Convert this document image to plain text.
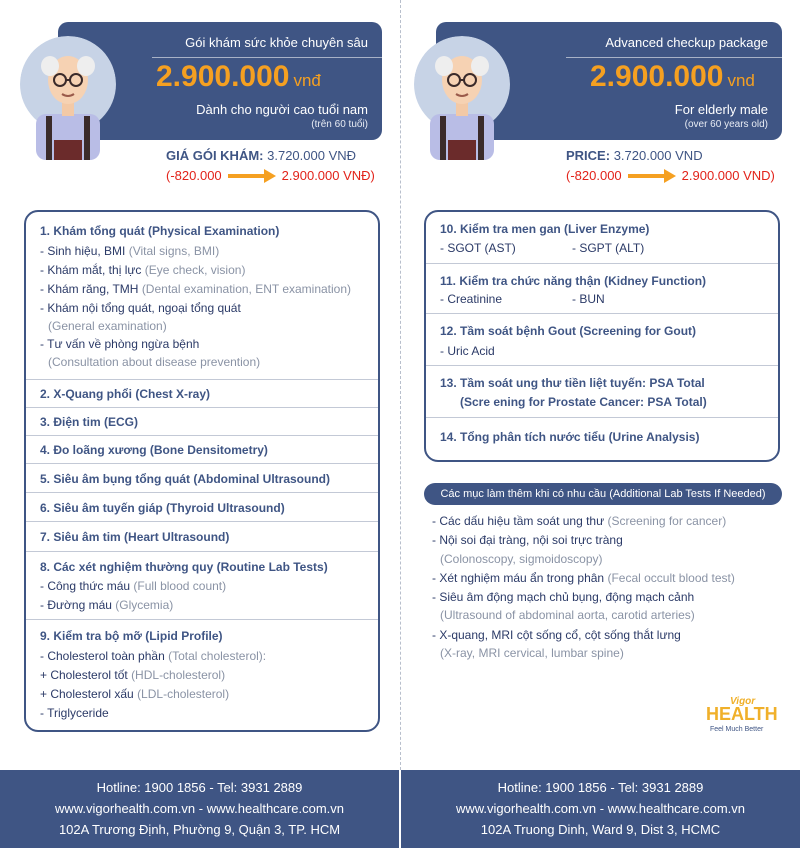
Gói khám sức khỏe chuyên sâu
2.900.000 vnđ
Dành cho người cao tuổi nam
(trên 60 tuổi)
GIÁ GÓI KHÁM: 3.720.000 VNĐ
(-820.000	2.900.000 VNĐ)
1. Khám tổng quát (Physical Examination)
- Sinh hiệu, BMI (Vital signs, BMI)
- Khám mắt, thị lực (Eye check, vision)
- Khám răng, TMH (Dental examination, ENT examination)
- Khám nội tổng quát, ngoại tổng quát
(General examination)
- Tư vấn về phòng ngừa bệnh
(Consultation about disease prevention)
2. X-Quang phổi (Chest X-ray)
3. Điện tim (ECG)
4. Đo loãng xương (Bone Densitometry)
5. Siêu âm bụng tổng quát (Abdominal Ultrasound)
6. Siêu âm tuyến giáp (Thyroid Ultrasound)
7. Siêu âm tim (Heart Ultrasound)
8. Các xét nghiệm thường quy (Routine Lab Tests)
- Công thức máu (Full blood count)
- Đường máu (Glycemia)
9. Kiểm tra bộ mỡ (Lipid Profile)
- Cholesterol toàn phần (Total cholesterol):
+ Cholesterol tốt (HDL-cholesterol)
+ Cholesterol xấu (LDL-cholesterol)
- Triglyceride
Advanced checkup package
2.900.000 vnd
For elderly male
(over 60 years old)
PRICE: 3.720.000 VND
(-820.000	2.900.000 VND)
10. Kiểm tra men gan (Liver Enzyme)
- SGOT (AST)	- SGPT (ALT)
11. Kiểm tra chức năng thận (Kidney Function)
- Creatinine	- BUN
12. Tầm soát bệnh Gout (Screening for Gout)
- Uric Acid
13. Tầm soát ung thư tiền liệt tuyến: PSA Total
(Scre ening for Prostate Cancer: PSA Total)
14. Tổng phân tích nước tiểu (Urine Analysis)
Các mục làm thêm khi có nhu cầu (Additional Lab Tests If Needed)
- Các dấu hiệu tầm soát ung thư (Screening for cancer)
- Nội soi đại tràng, nội soi trực tràng
(Colonoscopy, sigmoidoscopy)
- Xét nghiệm máu ẩn trong phân (Fecal occult blood test)
- Siêu âm động mạch chủ bụng, động mạch cảnh
(Ultrasound of abdominal aorta, carotid arteries)
- X-quang, MRI cột sống cổ, cột sống thắt lưng
(X-ray, MRI cervical, lumbar spine)
Vigor
HEALTH
Feel Much Better
Hotline: 1900 1856 - Tel: 3931 2889
www.vigorhealth.com.vn - www.healthcare.com.vn
102A Trương Định, Phường 9, Quận 3, TP. HCM
Hotline: 1900 1856 - Tel: 3931 2889
www.vigorhealth.com.vn - www.healthcare.com.vn
102A Truong Dinh, Ward 9, Dist 3, HCMC
